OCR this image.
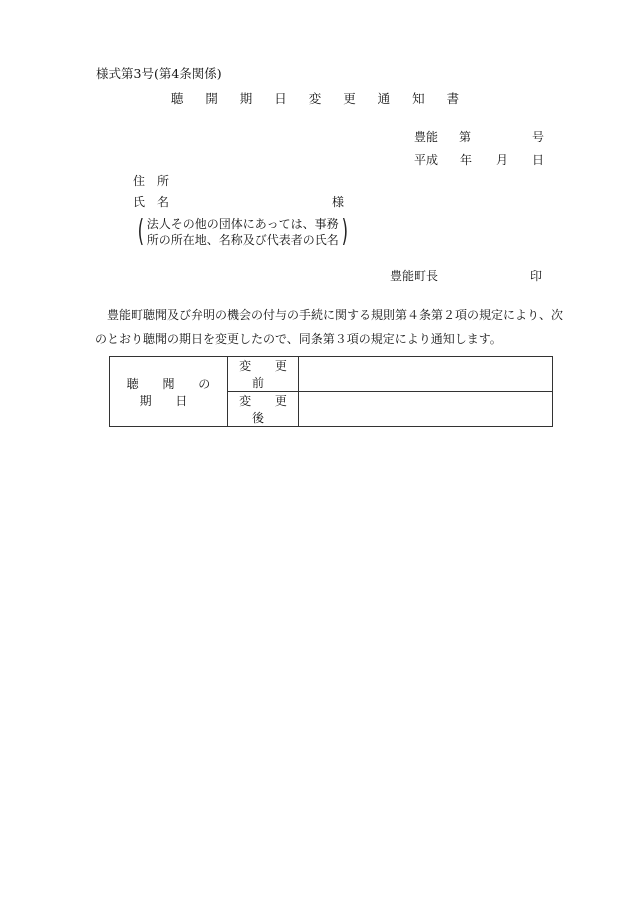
様式第3号(第4条関係)
聴 開 期 日 変 更 通 知 書
豊能 第	号
平成 年 月 日
住　所
氏　名	様
( 法人その他の団体にあっては、事務
所の所在地、名称及び代表者の氏名 )
豊能町長	印
豊能町聴聞及び弁明の機会の付与の手続に関する規則第４条第２項の規定により、次
のとおり聴聞の期日を変更したので、同条第３項の規定により通知します。
聴 聞 の 期 日	変 更 前	
	変 更 後	
